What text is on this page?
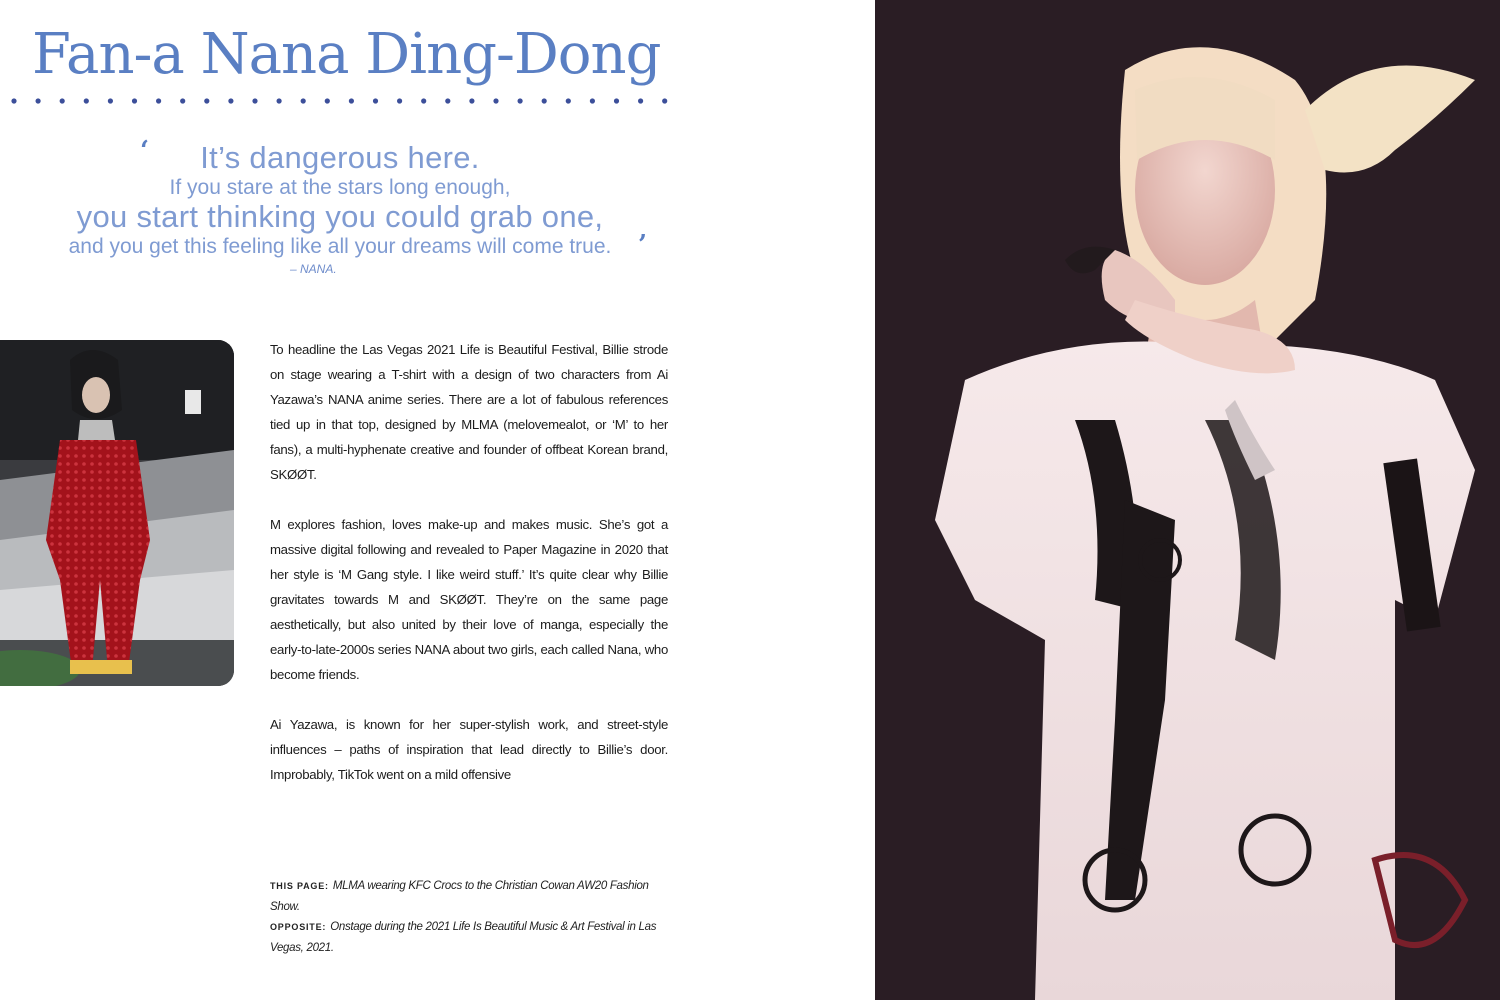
Fan-a Nana Ding-Dong
‘	It’s dangerous here.
If you stare at the stars long enough,
you start thinking you could grab one,
and you get this feeling like all your dreams will come true.	’
– NANA.

To headline the Las Vegas 2021 Life is Beautiful Festival, Billie strode on stage wearing a T-shirt with a design of two characters from Ai Yazawa’s NANA anime series. There are a lot of fabulous references tied up in that top, designed by MLMA (melovemealot, or ‘M’ to her fans), a multi-hyphenate creative and founder of offbeat Korean brand, SKØØT.

M explores fashion, loves make-up and makes music. She’s got a massive digital following and revealed to Paper Magazine in 2020 that her style is ‘M Gang style. I like weird stuff.’ It’s quite clear why Billie gravitates towards M and SKØØT. They’re on the same page aesthetically, but also united by their love of manga, especially the early-to-late-2000s series NANA about two girls, each called Nana, who become friends.

Ai Yazawa, is known for her super-stylish work, and street-style influences – paths of inspiration that lead directly to Billie’s door. Improbably, TikTok went on a mild offensive

THIS PAGE: MLMA wearing KFC Crocs to the Christian Cowan AW20 Fashion Show.

OPPOSITE: Onstage during the 2021 Life Is Beautiful Music & Art Festival in Las Vegas, 2021.
